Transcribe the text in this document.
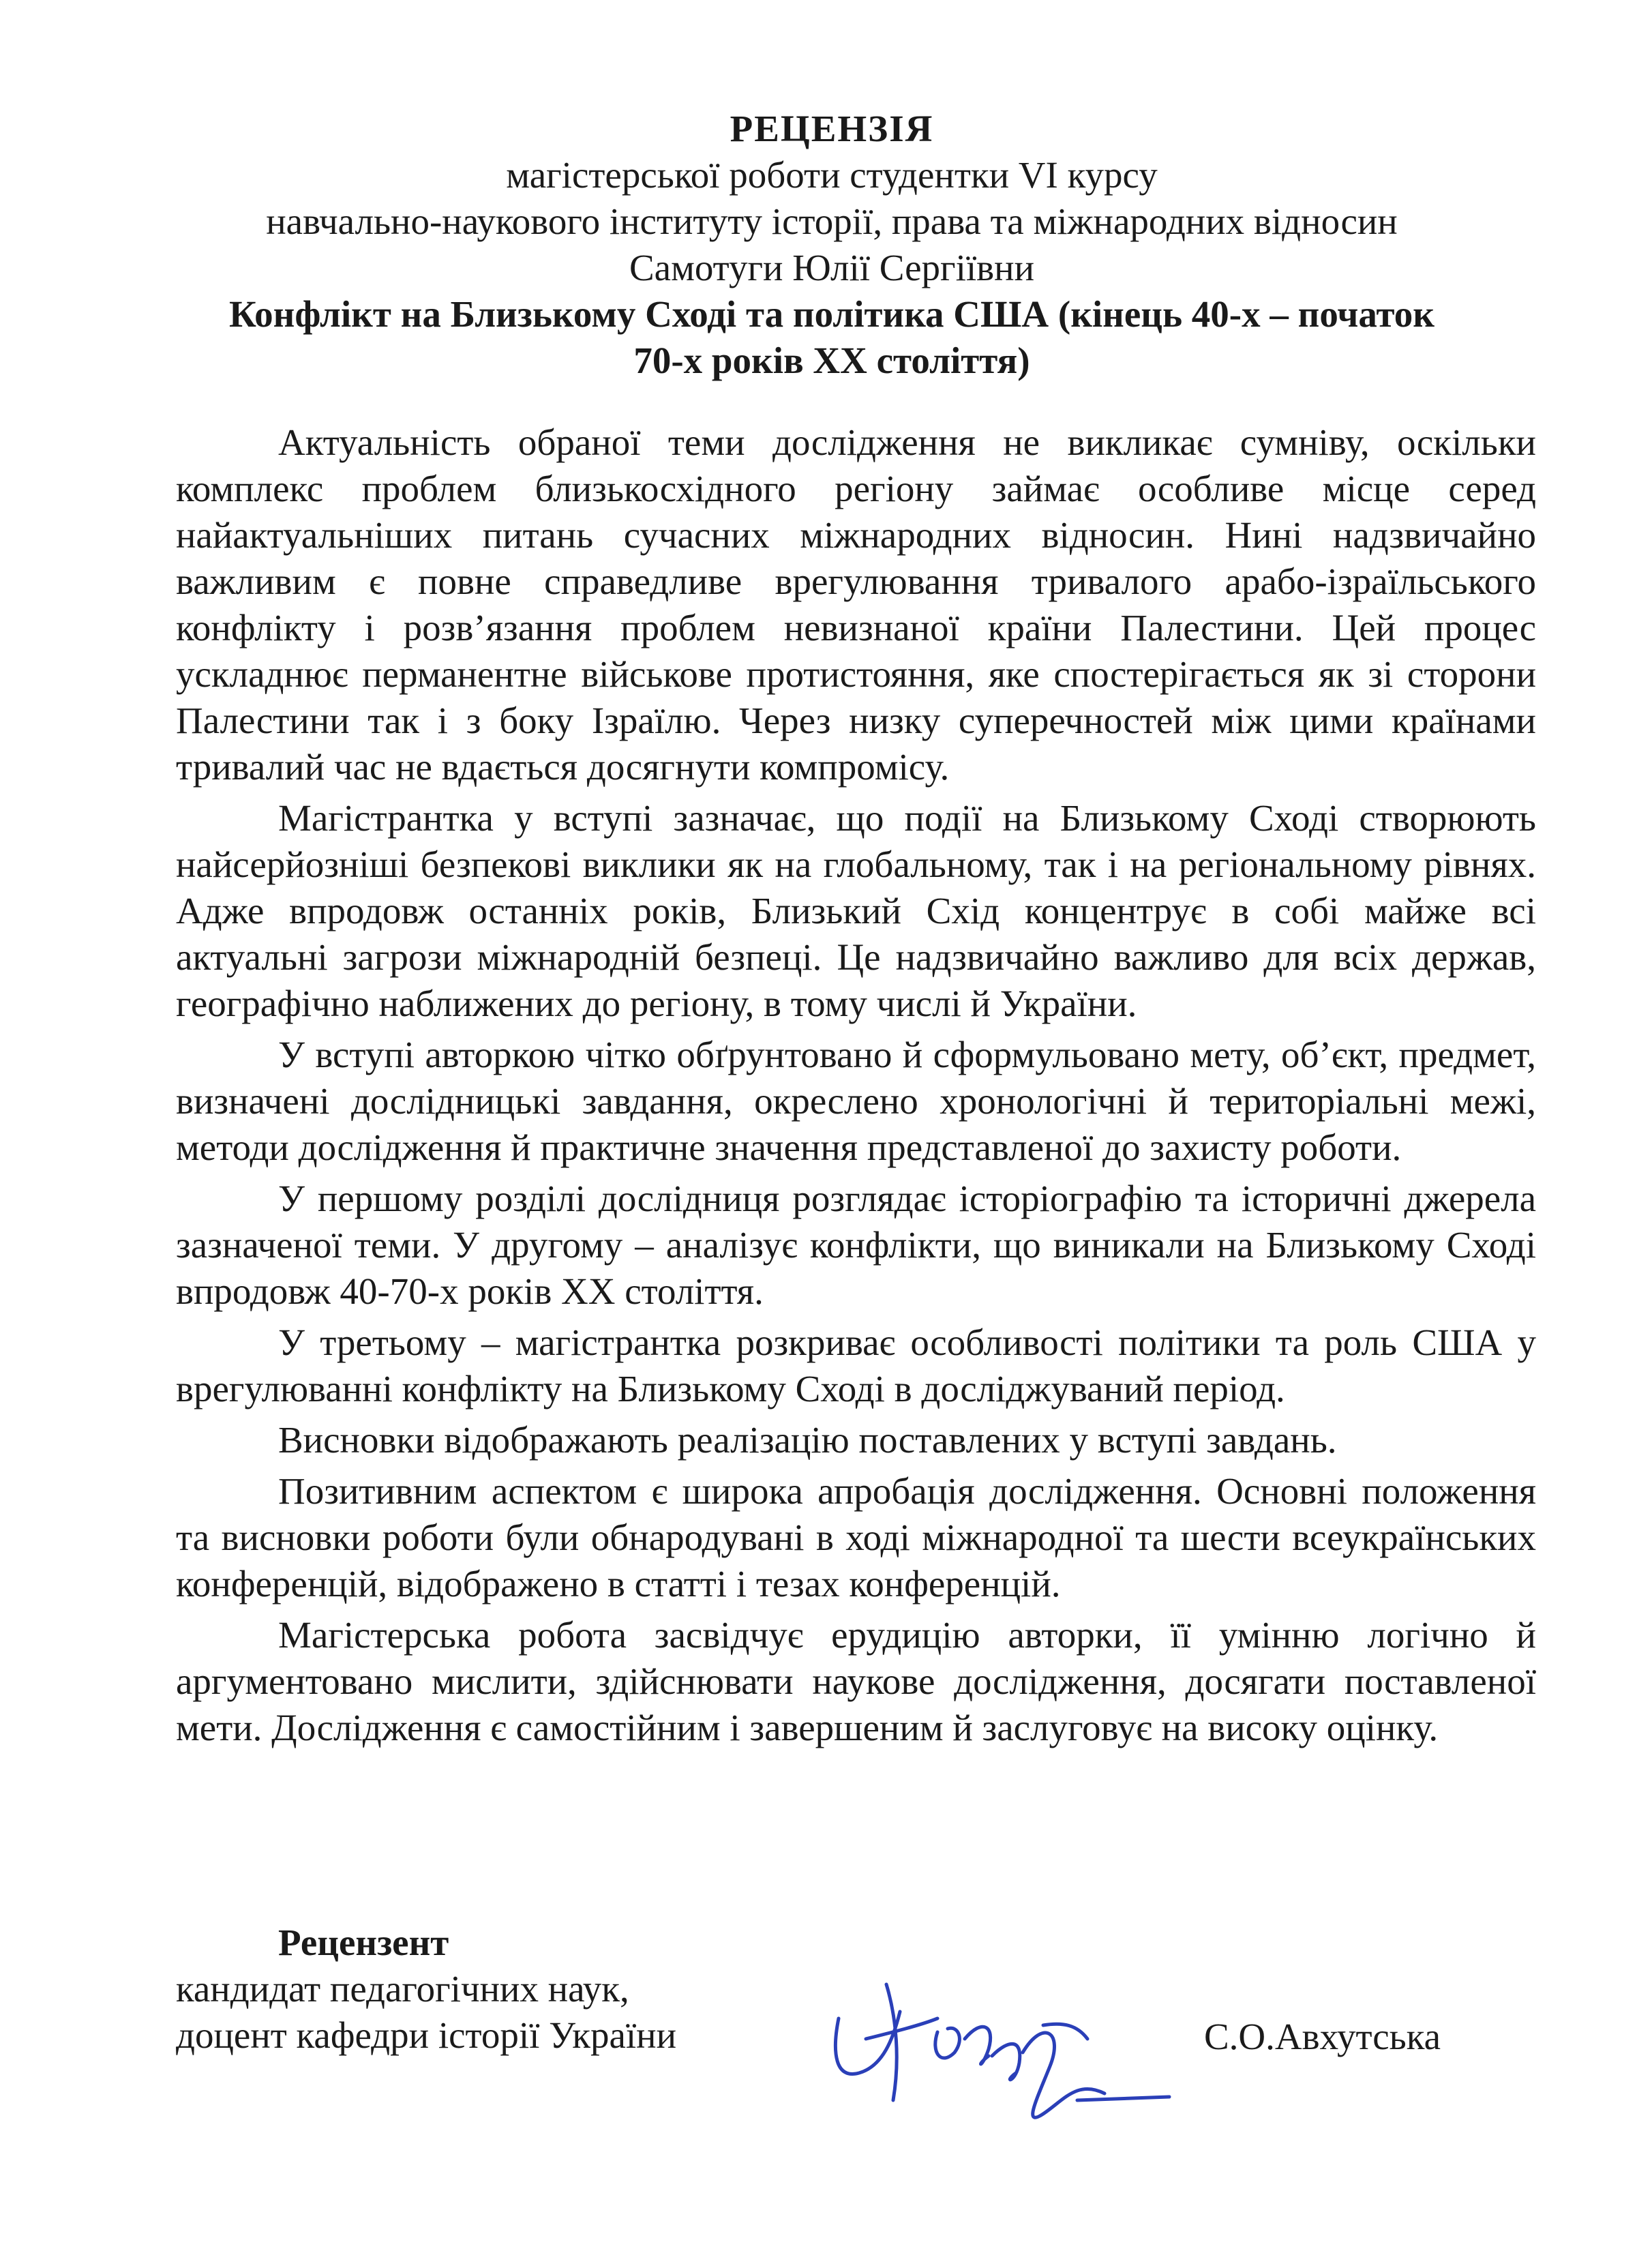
РЕЦЕНЗІЯ
магістерської роботи студентки VI курсу
навчально-наукового інституту історії, права та міжнародних відносин
Самотуги Юлії Сергіївни
Конфлікт на Близькому Сході та політика США (кінець 40-х – початок
70-х років ХХ століття)

Актуальність обраної теми дослідження не викликає сумніву, оскільки комплекс проблем близькосхідного регіону займає особливе місце серед найактуальніших питань сучасних міжнародних відносин. Нині надзвичайно важливим є повне справедливе врегулювання тривалого арабо-ізраїльського конфлікту і розв’язання проблем невизнаної країни Палестини. Цей процес ускладнює перманентне військове протистояння, яке спостерігається як зі сторони Палестини так і з боку Ізраїлю. Через низку суперечностей між цими країнами тривалий час не вдається досягнути компромісу.

Магістрантка у вступі зазначає, що події на Близькому Сході створюють найсерйозніші безпекові виклики як на глобальному, так і на регіональному рівнях. Адже впродовж останніх років, Близький Схід концентрує в собі майже всі актуальні загрози міжнародній безпеці. Це надзвичайно важливо для всіх держав, географічно наближених до регіону, в тому числі й України.

У вступі авторкою чітко обґрунтовано й сформульовано мету, об’єкт, предмет, визначені дослідницькі завдання, окреслено хронологічні й територіальні межі, методи дослідження й практичне значення представленої до захисту роботи.

У першому розділі дослідниця розглядає історіографію та історичні джерела зазначеної теми. У другому – аналізує конфлікти, що виникали на Близькому Сході впродовж 40-70-х років ХХ століття.

У третьому – магістрантка розкриває особливості політики та роль США у врегулюванні конфлікту на Близькому Сході в досліджуваний період.

Висновки відображають реалізацію поставлених у вступі завдань.

Позитивним аспектом є широка апробація дослідження. Основні положення та висновки роботи були обнародувані в ході міжнародної та шести всеукраїнських конференцій, відображено в статті і тезах конференцій.

Магістерська робота засвідчує ерудицію авторки, її умінню логічно й аргументовано мислити, здійснювати наукове дослідження, досягати поставленої мети. Дослідження є самостійним і завершеним й заслуговує на високу оцінку.

Рецензент
кандидат педагогічних наук,
доцент кафедри історії України	С.О.Авхутська
